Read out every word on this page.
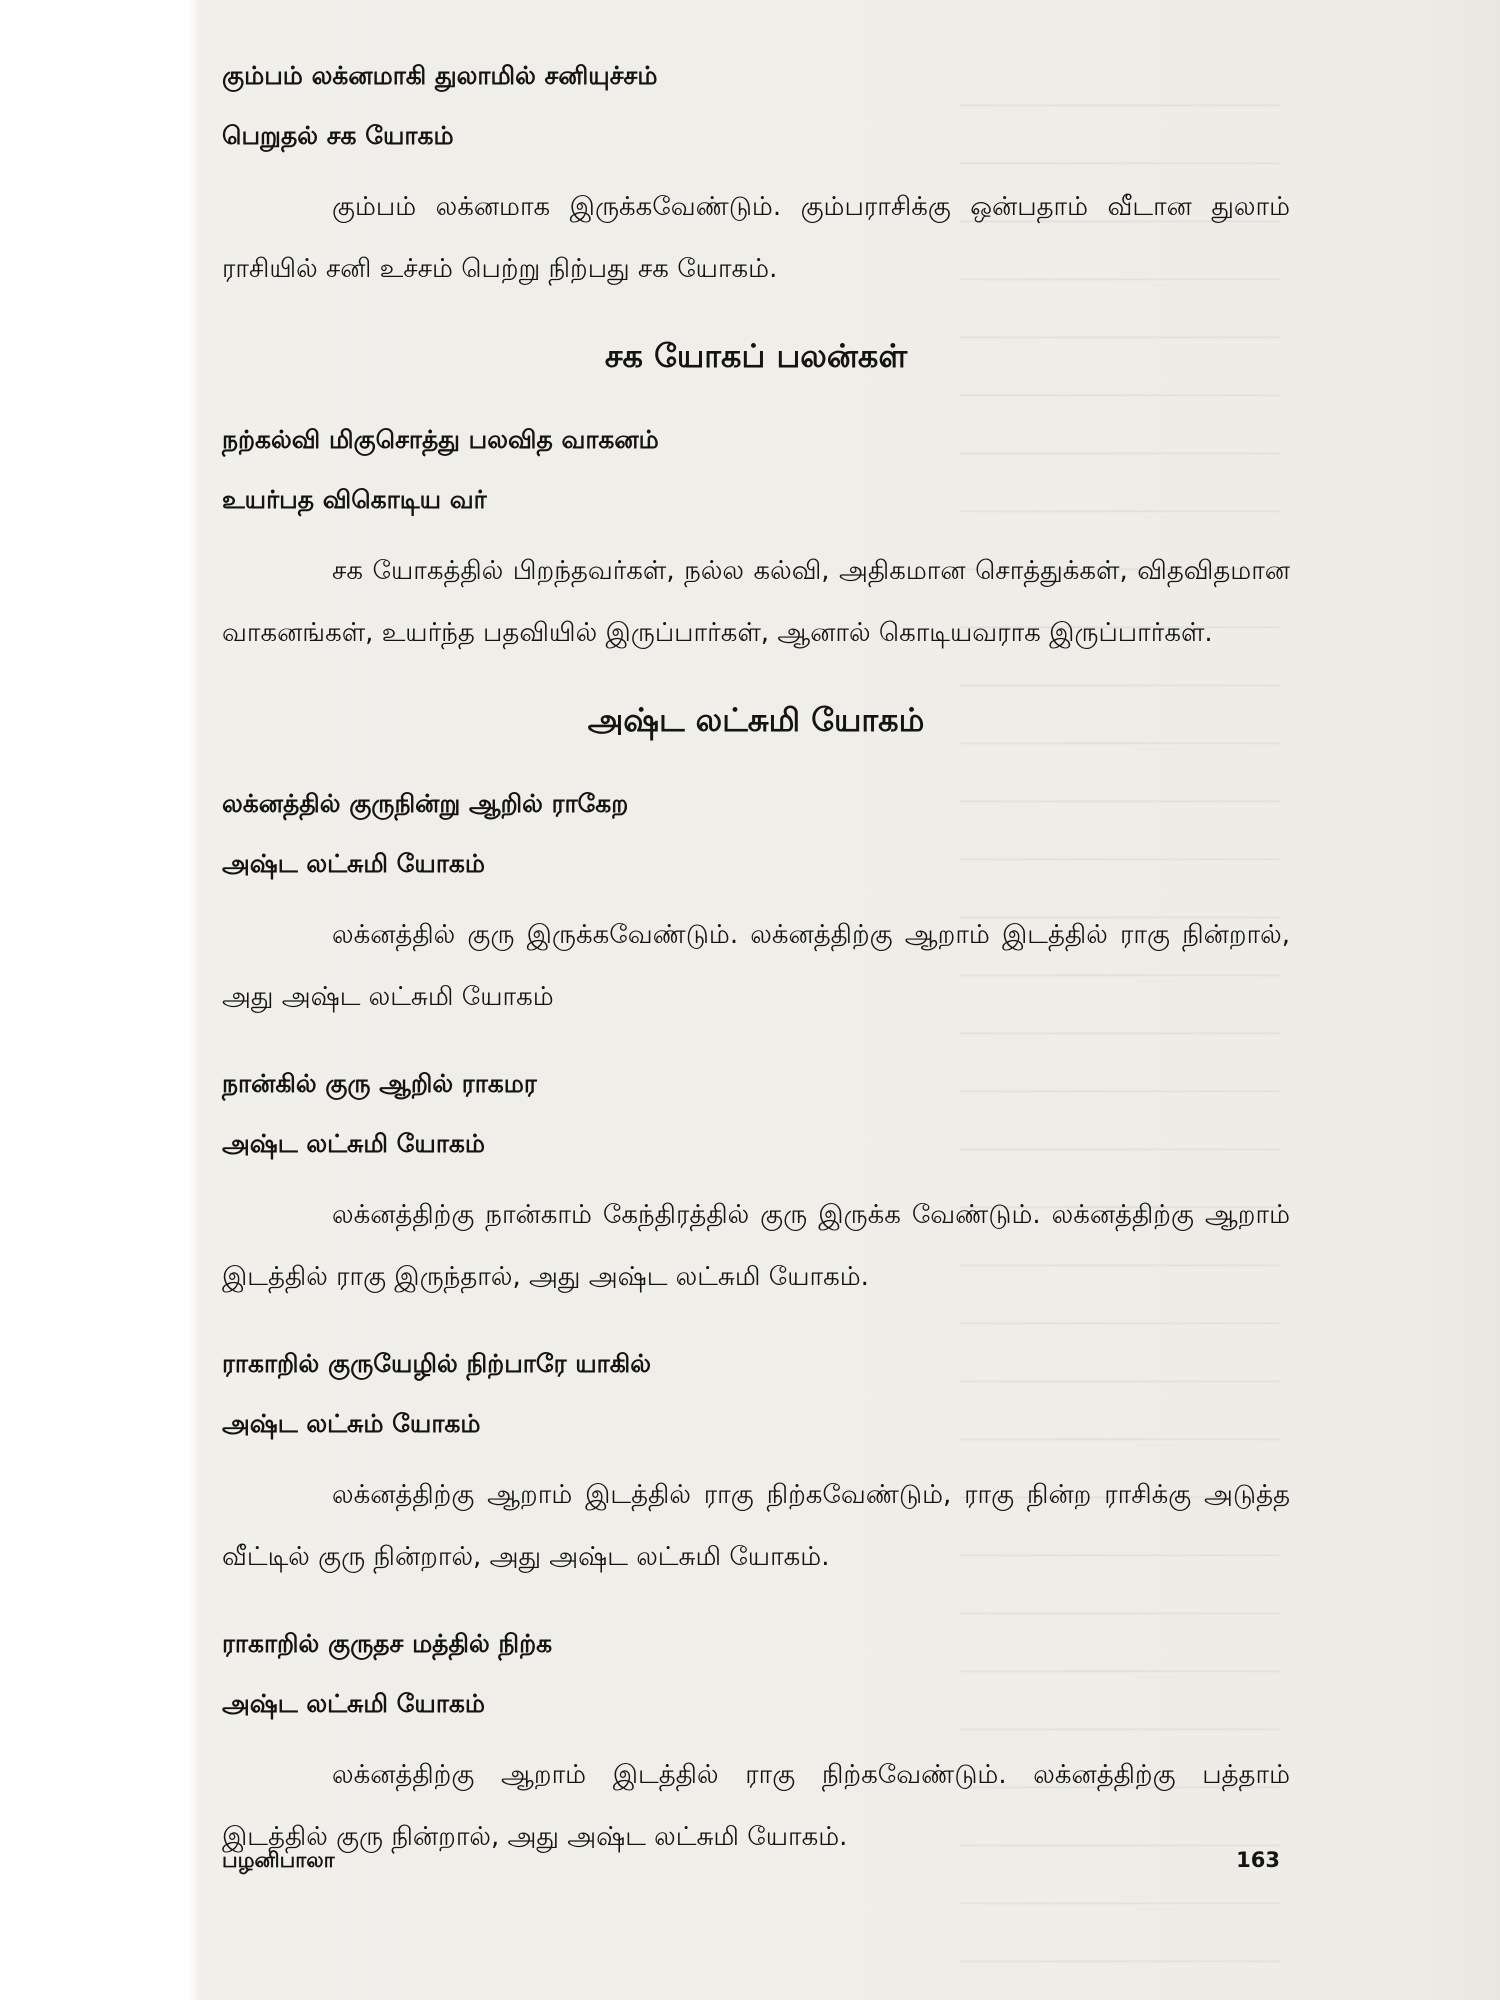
கும்பம் லக்னமாகி துலாமில் சனியுச்சம்

பெறுதல் சக யோகம்

கும்பம் லக்னமாக இருக்கவேண்டும். கும்பராசிக்கு ஒன்பதாம் வீடான துலாம் ராசியில் சனி உச்சம் பெற்று நிற்பது சக யோகம்.

சக யோகப் பலன்கள்

நற்கல்வி மிகுசொத்து பலவித வாகனம்

உயர்பத விகொடிய வர்

சக யோகத்தில் பிறந்தவர்கள், நல்ல கல்வி, அதிகமான சொத்துக்கள், விதவிதமான வாகனங்கள், உயர்ந்த பதவியில் இருப்பார்கள், ஆனால் கொடியவராக இருப்பார்கள்.

அஷ்ட லட்சுமி யோகம்

லக்னத்தில் குருநின்று ஆறில் ராகேற

அஷ்ட லட்சுமி யோகம்

லக்னத்தில் குரு இருக்கவேண்டும். லக்னத்திற்கு ஆறாம் இடத்தில் ராகு நின்றால், அது அஷ்ட லட்சுமி யோகம்

நான்கில் குரு ஆறில் ராகமர

அஷ்ட லட்சுமி யோகம்

லக்னத்திற்கு நான்காம் கேந்திரத்தில் குரு இருக்க வேண்டும். லக்னத்திற்கு ஆறாம் இடத்தில் ராகு இருந்தால், அது அஷ்ட லட்சுமி யோகம்.

ராகாறில் குருயேழில் நிற்பாரே யாகில்

அஷ்ட லட்சும் யோகம்

லக்னத்திற்கு ஆறாம் இடத்தில் ராகு நிற்கவேண்டும், ராகு நின்ற ராசிக்கு அடுத்த வீட்டில் குரு நின்றால், அது அஷ்ட லட்சுமி யோகம்.

ராகாறில் குருதச மத்தில் நிற்க

அஷ்ட லட்சுமி யோகம்

லக்னத்திற்கு ஆறாம் இடத்தில் ராகு நிற்கவேண்டும். லக்னத்திற்கு பத்தாம் இடத்தில் குரு நின்றால், அது அஷ்ட லட்சுமி யோகம்.

பழனிபாலா	163
